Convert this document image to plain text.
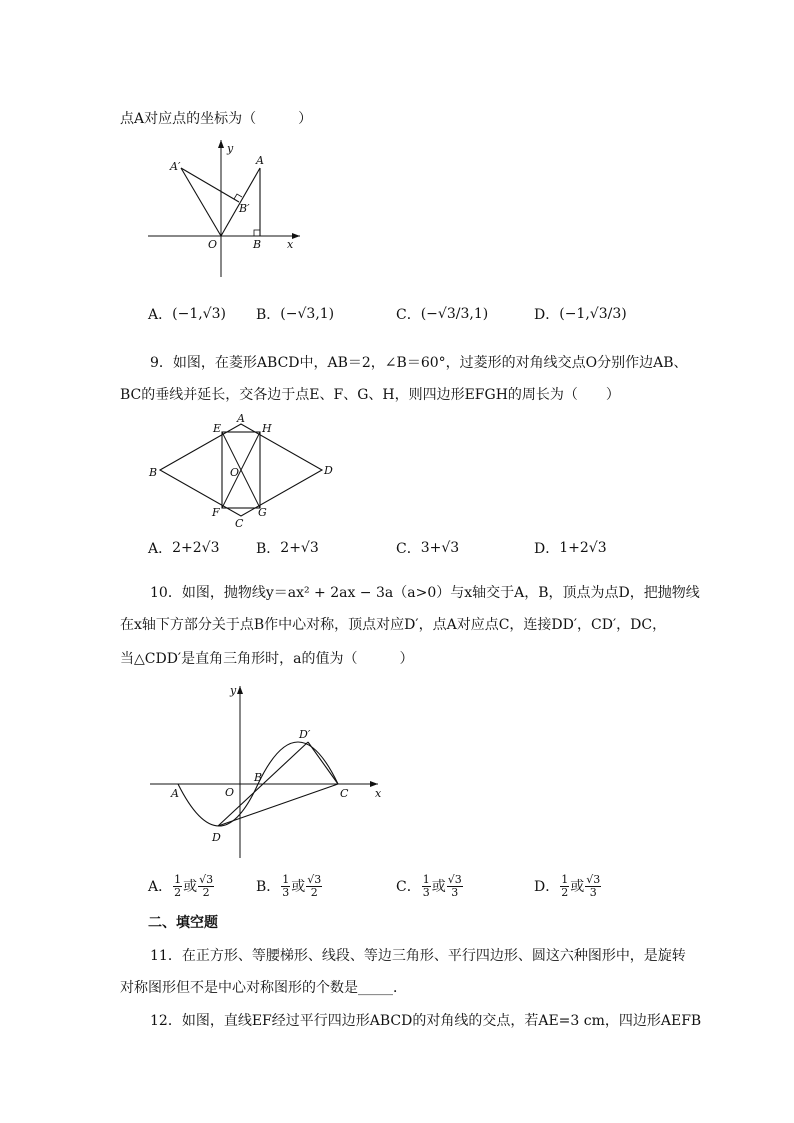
点A对应点的坐标为（　　　）
A′
y
A
B′
O	B x
A． (−1,√3) B． (−√3,1)	C． (−√3/3,1)	D． (−1,√3/3)
9．如图，在菱形ABCD中，AB＝2，∠B＝60°，过菱形的对角线交点O分别作边AB、
BC的垂线并延长，交各边于点E、F、G、H，则四边形EFGH的周长为（　　）
A
E	H
B	O	D
F
C
G
A． 2+2√3	B． 2+√3	C． 3+√3	D． 1+2√3
10．如图，抛物线y＝ax² + 2ax − 3a（a>0）与x轴交于A，B，顶点为点D，把抛物线
在x轴下方部分关于点B作中心对称，顶点对应D′，点A对应点C，连接DD′，CD′，DC，
当△CDD′是直角三角形时，a的值为（　　　）
y
D′
B
A	O	C x
D
A． $\frac{1}{2}$ 或 $\frac{√3}{2}$	B． $\frac{1}{3}$ 或 $\frac{√3}{2}$	C． $\frac{1}{3}$ 或 $\frac{√3}{3}$	D． $\frac{1}{2}$ 或 $\frac{√3}{3}$
二、填空题
11．在正方形、等腰梯形、线段、等边三角形、平行四边形、圆这六种图形中，是旋转
对称图形但不是中心对称图形的个数是_____．
12．如图，直线EF经过平行四边形ABCD的对角线的交点，若AE=3 cm，四边形AEFB
